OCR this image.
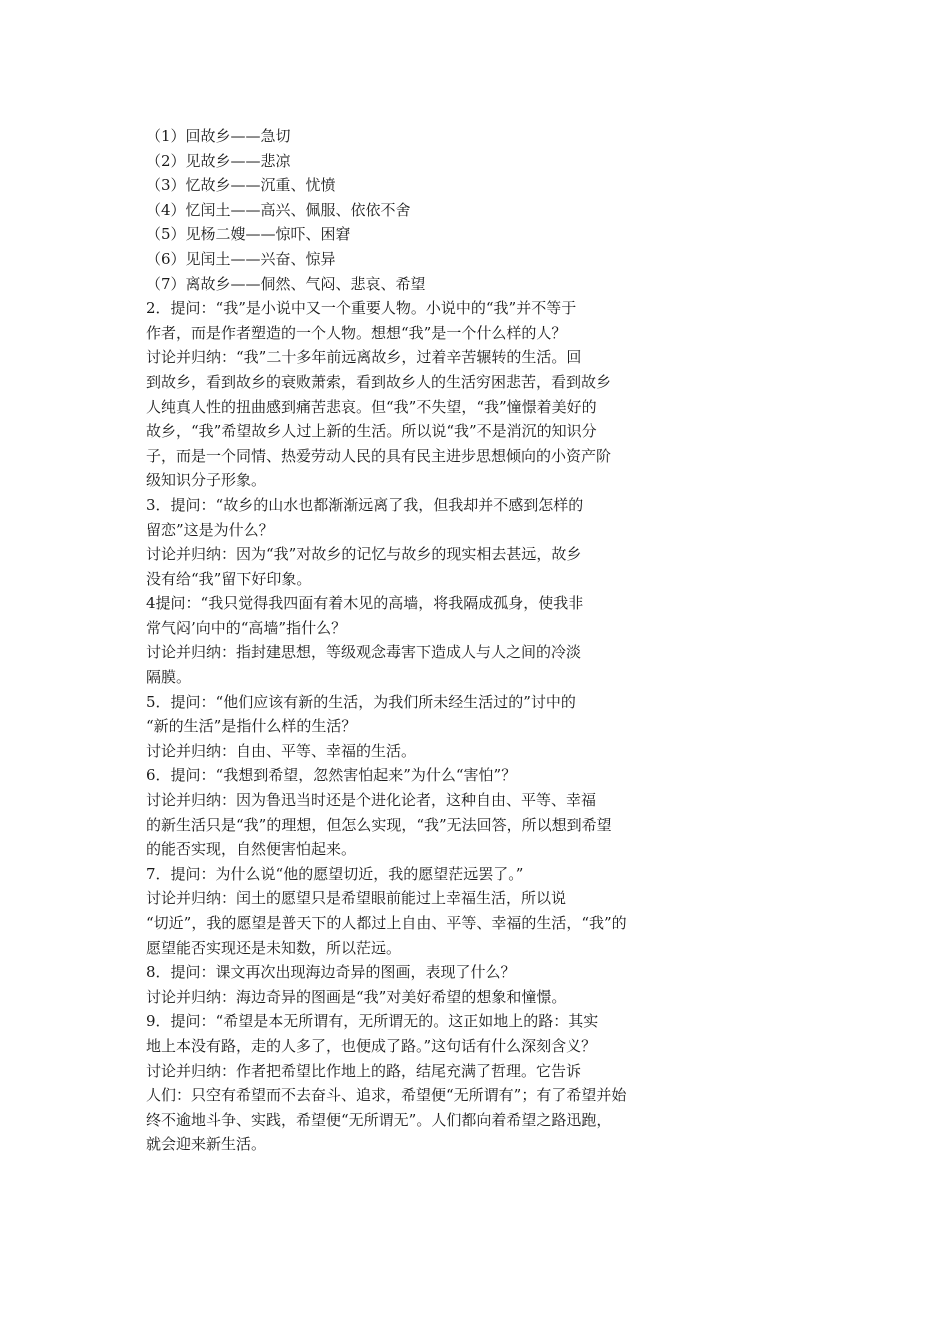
（1）回故乡——急切
（2）见故乡——悲凉
（3）忆故乡——沉重、忧愤
（4）忆闰土——高兴、佩服、依依不舍
（5）见杨二嫂——惊吓、困窘
（6）见闰土——兴奋、惊异
（7）离故乡——侗然、气闷、悲哀、希望
2．提问：“我”是小说中又一个重要人物。小说中的“我”并不等于
作者，而是作者塑造的一个人物。想想“我”是一个什么样的人？
讨论并归纳：“我”二十多年前远离故乡，过着辛苦辗转的生活。回
到故乡，看到故乡的衰败萧索，看到故乡人的生活穷困悲苦，看到故乡
人纯真人性的扭曲感到痛苦悲哀。但“我”不失望，“我”憧憬着美好的
故乡，“我”希望故乡人过上新的生活。所以说“我”不是消沉的知识分
子，而是一个同情、热爱劳动人民的具有民主进步思想倾向的小资产阶
级知识分子形象。
3．提问：“故乡的山水也都渐渐远离了我，但我却并不感到怎样的
留恋”这是为什么？
讨论并归纳：因为“我”对故乡的记忆与故乡的现实相去甚远，故乡
没有给“我”留下好印象。
4提问：“我只觉得我四面有着木见的高墙，将我隔成孤身，使我非
常气闷’向中的“高墙”指什么？
讨论并归纳：指封建思想，等级观念毒害下造成人与人之间的冷淡
隔膜。
5．提问：“他们应该有新的生活，为我们所未经生活过的”讨中的
“新的生活”是指什么样的生活？
讨论并归纳：自由、平等、幸福的生活。
6．提问：“我想到希望，忽然害怕起来”为什么“害怕”？
讨论并归纳：因为鲁迅当时还是个进化论者，这种自由、平等、幸福
的新生活只是“我”的理想，但怎么实现，“我”无法回答，所以想到希望
的能否实现，自然便害怕起来。
7．提问：为什么说“他的愿望切近，我的愿望茫远罢了。”
讨论并归纳：闰土的愿望只是希望眼前能过上幸福生活，所以说
“切近”，我的愿望是普天下的人都过上自由、平等、幸福的生活，“我”的
愿望能否实现还是未知数，所以茫远。
8．提问：课文再次出现海边奇异的图画，表现了什么？
讨论并归纳：海边奇异的图画是“我”对美好希望的想象和憧憬。
9．提问：“希望是本无所谓有，无所谓无的。这正如地上的路：其实
地上本没有路，走的人多了，也便成了路。”这句话有什么深刻含义？
讨论并归纳：作者把希望比作地上的路，结尾充满了哲理。它告诉
人们：只空有希望而不去奋斗、追求，希望便“无所谓有”；有了希望并始
终不逾地斗争、实践，希望便“无所谓无”。人们都向着希望之路迅跑，
就会迎来新生活。
